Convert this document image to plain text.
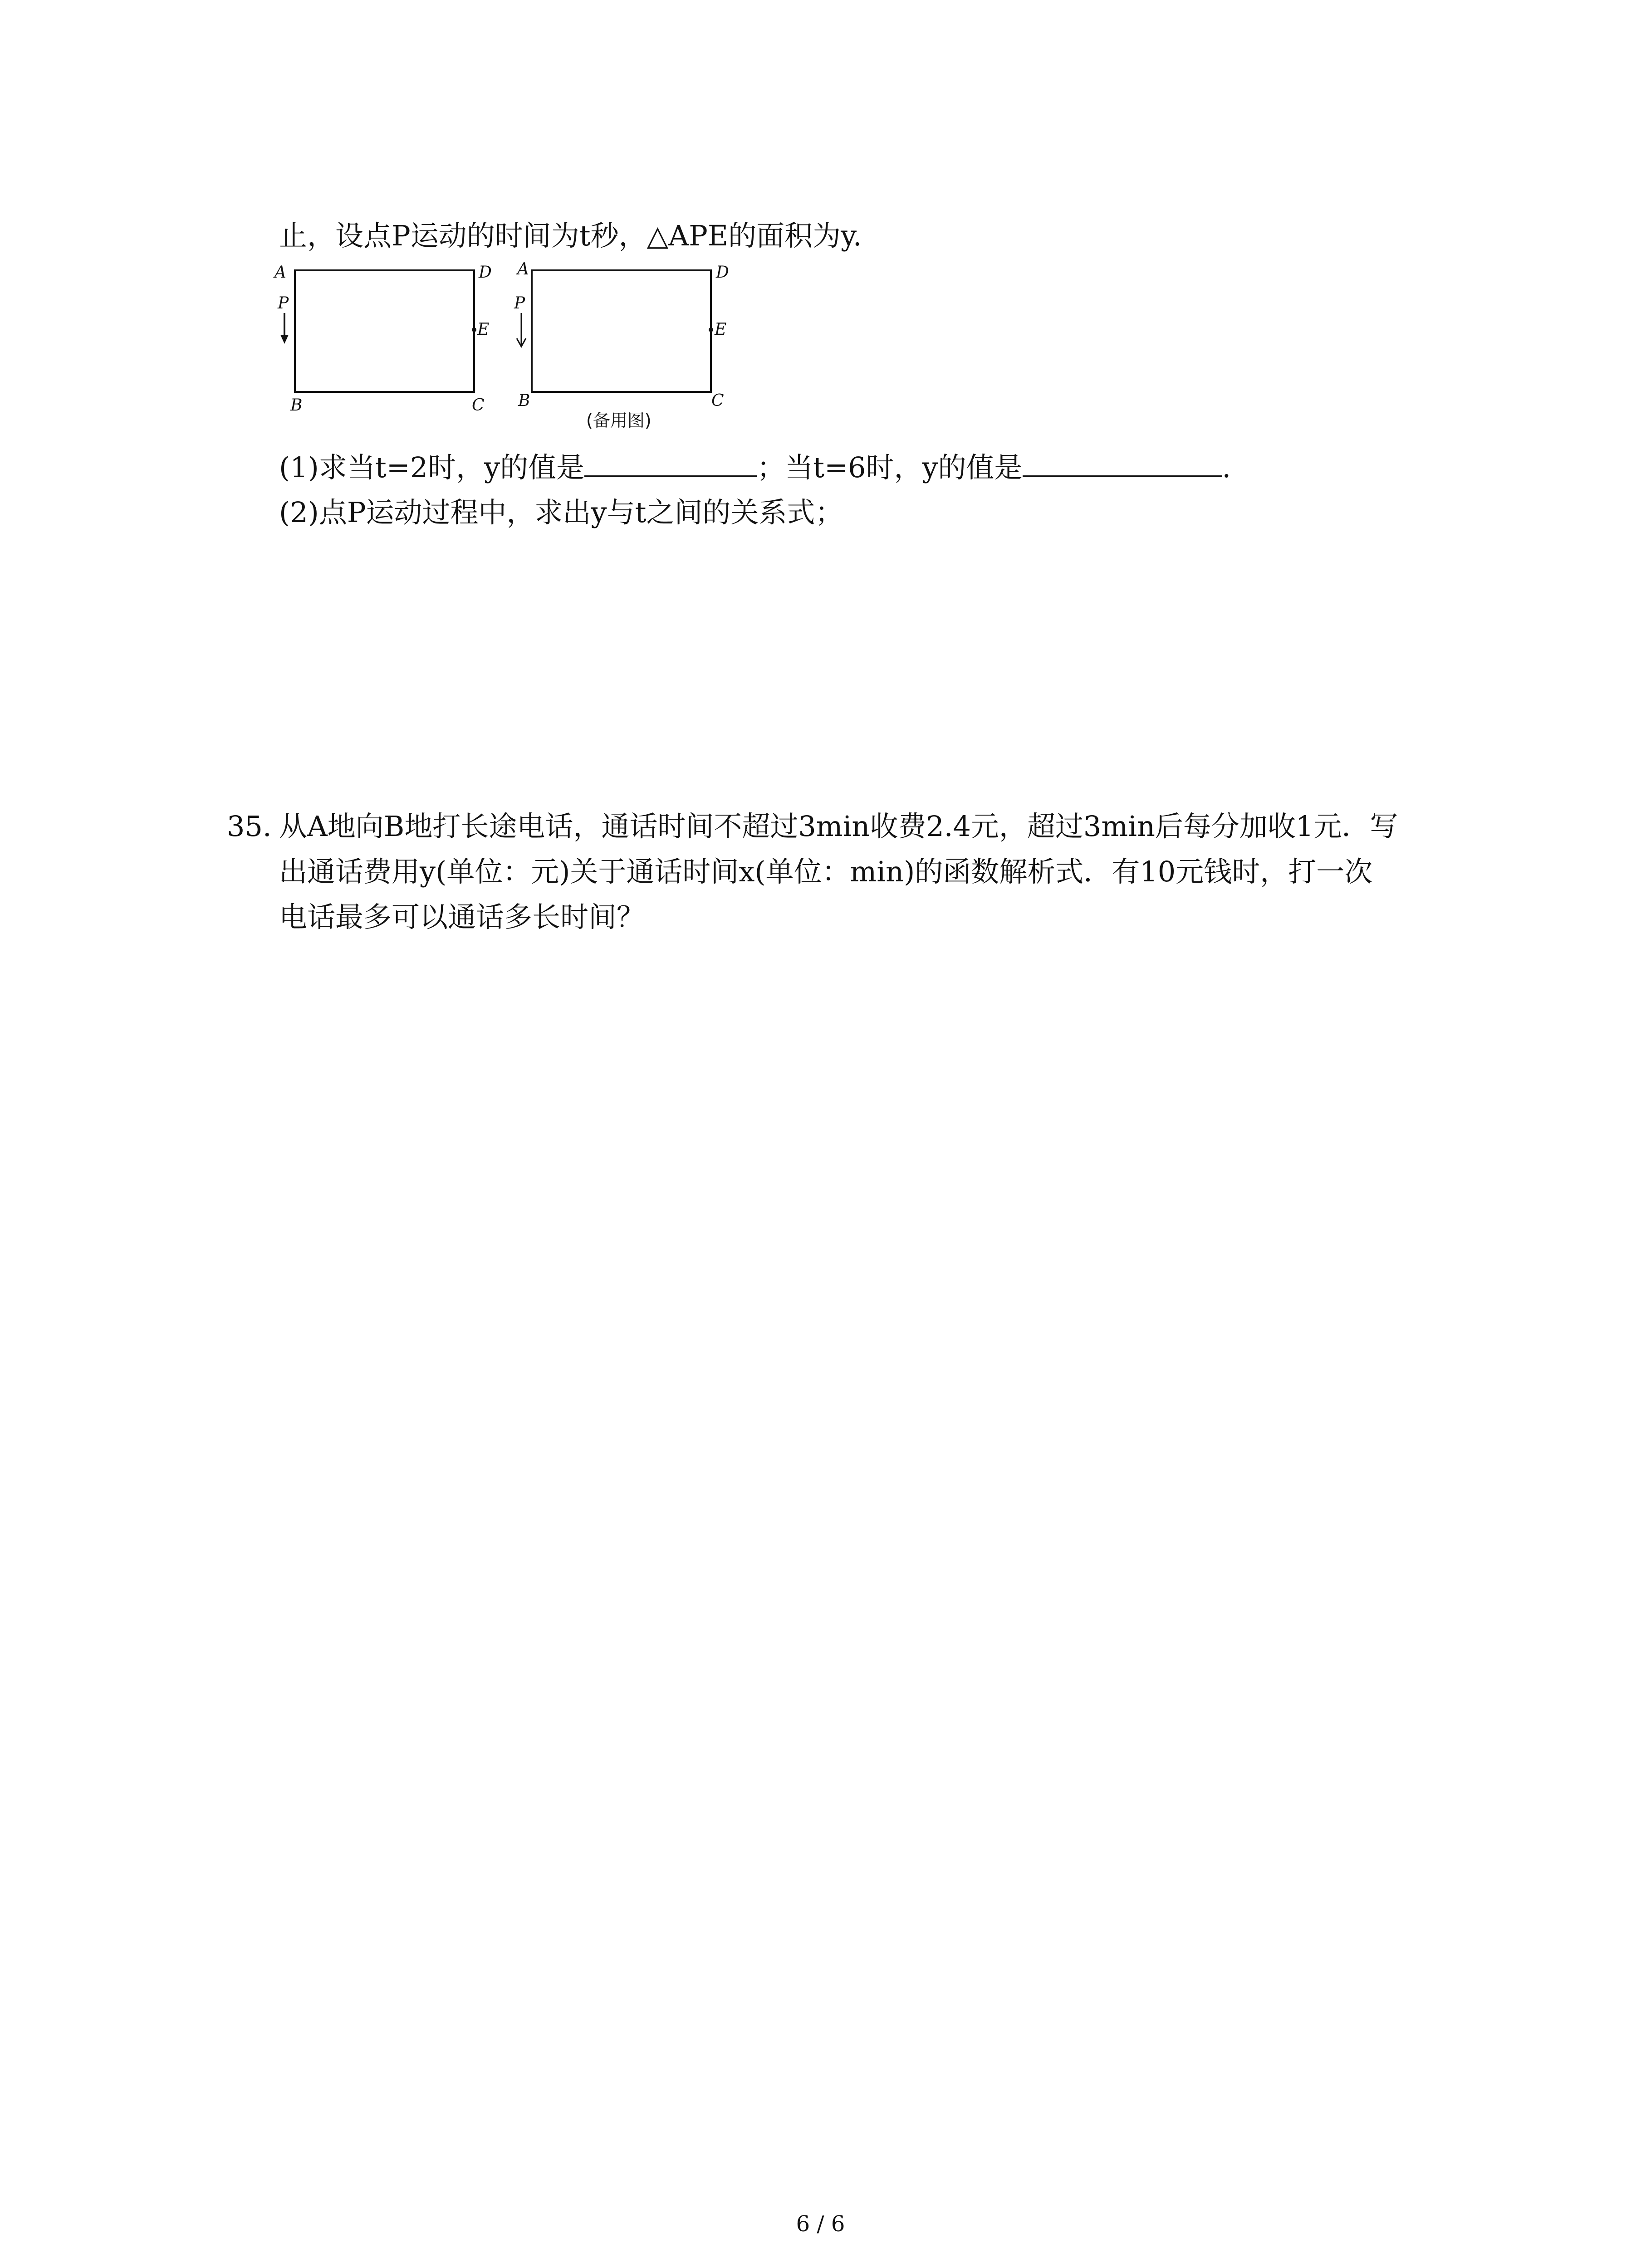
止，设点P运动的时间为t秒，△APE的面积为y.
A	D
B	C
E
P
A	D
B	C
E
P
(备用图)
(1)求当t=2时，y的值是	；当t=6时，y的值是	.
(2)点P运动过程中，求出y与t之间的关系式；
35. 从A地向B地打长途电话，通话时间不超过3min收费2.4元，超过3min后每分加收1元．写
出通话费用y(单位：元)关于通话时间x(单位：min)的函数解析式．有10元钱时，打一次
电话最多可以通话多长时间？
6 / 6
